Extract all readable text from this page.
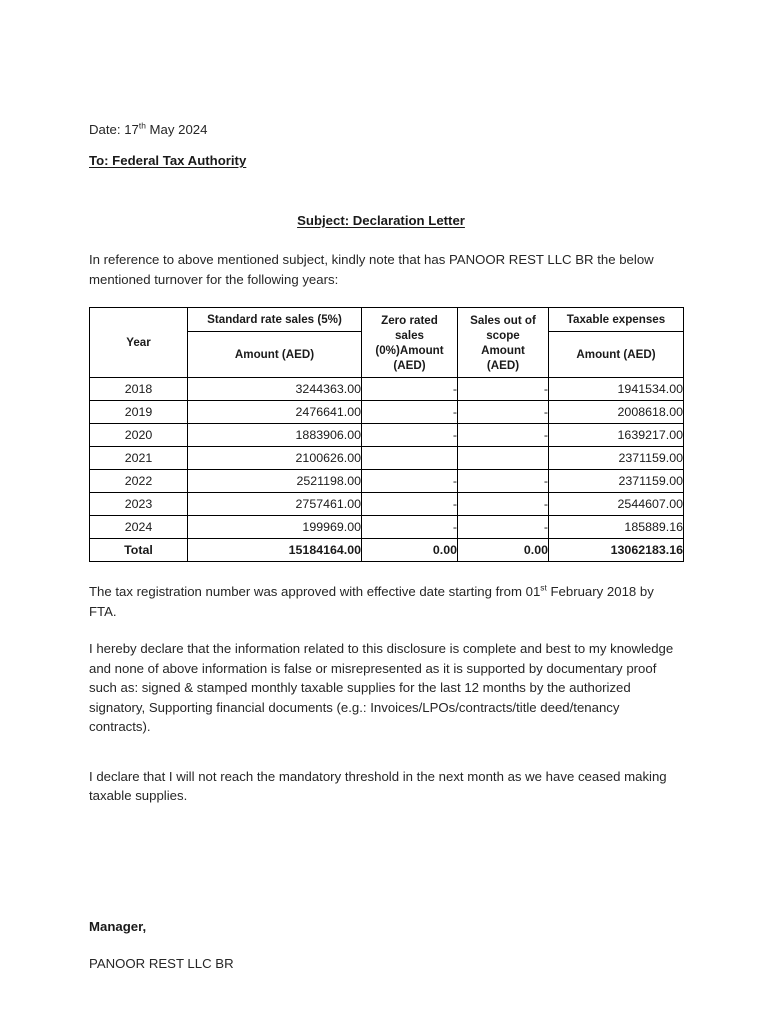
Date: 17th May 2024

To: Federal Tax Authority

Subject: Declaration Letter

In reference to above mentioned subject, kindly note that has PANOOR REST LLC BR the below mentioned turnover for the following years:

Year	Standard rate sales (5%)	Zero rated
sales
(0%)Amount
(AED)	Sales out of
scope
Amount
(AED)	Taxable expenses
	Amount (AED)			Amount (AED)
2018	3244363.00	-	-	1941534.00
2019	2476641.00	-	-	2008618.00
2020	1883906.00	-	-	1639217.00
2021	2100626.00			2371159.00
2022	2521198.00	-	-	2371159.00
2023	2757461.00	-	-	2544607.00
2024	199969.00	-	-	185889.16
Total	15184164.00	0.00	0.00	13062183.16

The tax registration number was approved with effective date starting from 01st February 2018 by FTA.

I hereby declare that the information related to this disclosure is complete and best to my knowledge and none of above information is false or misrepresented as it is supported by documentary proof such as: signed & stamped monthly taxable supplies for the last 12 months by the authorized signatory, Supporting financial documents (e.g.: Invoices/LPOs/contracts/title deed/tenancy contracts).

I declare that I will not reach the mandatory threshold in the next month as we have ceased making taxable supplies.

Manager,

PANOOR REST LLC BR
